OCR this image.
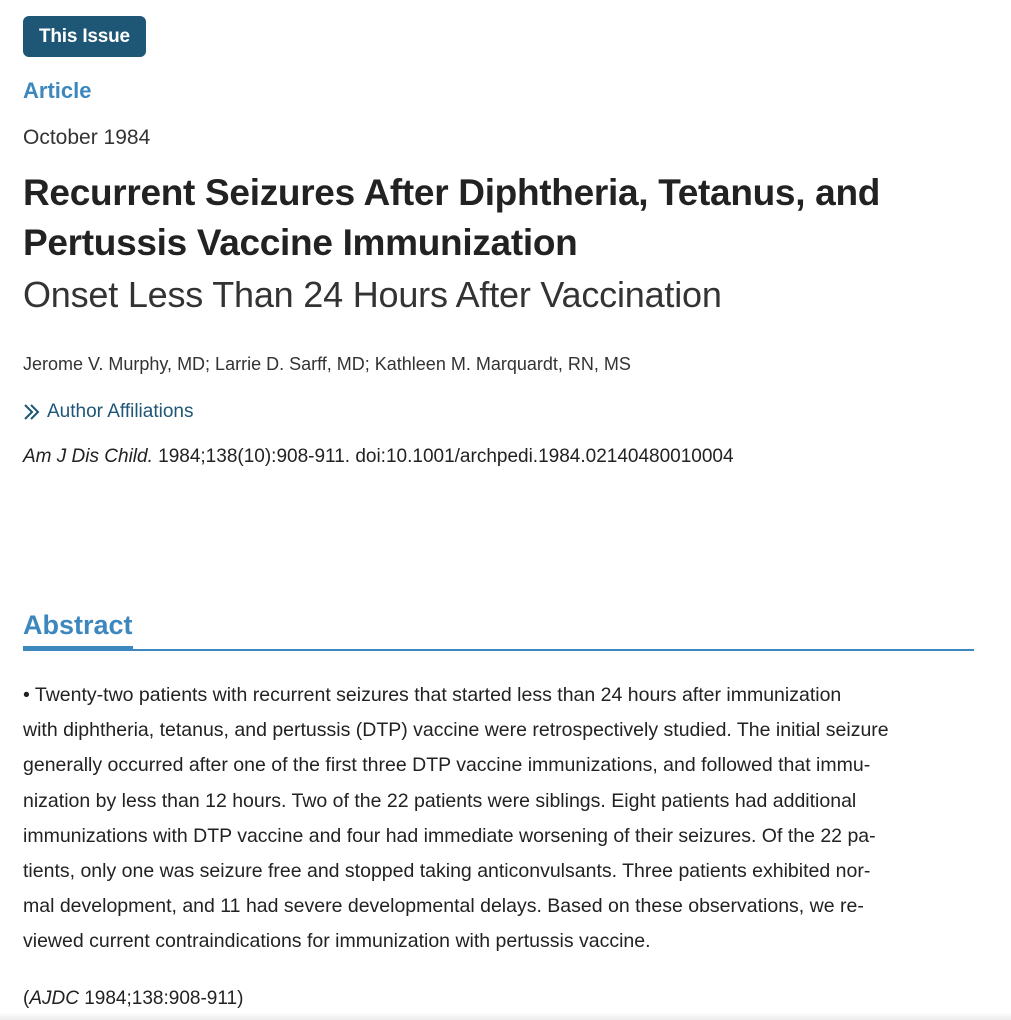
This Issue
Article
October 1984
Recurrent Seizures After Diphtheria, Tetanus, and Pertussis Vaccine Immunization
Onset Less Than 24 Hours After Vaccination
Jerome V. Murphy, MD; Larrie D. Sarff, MD; Kathleen M. Marquardt, RN, MS
Author Affiliations
Am J Dis Child. 1984;138(10):908-911. doi:10.1001/archpedi.1984.02140480010004
Abstract

• Twenty-two patients with recurrent seizures that started less than 24 hours after immunization
with diphtheria, tetanus, and pertussis (DTP) vaccine were retrospectively studied. The initial seizure
generally occurred after one of the first three DTP vaccine immunizations, and followed that immu-
nization by less than 12 hours. Two of the 22 patients were siblings. Eight patients had additional
immunizations with DTP vaccine and four had immediate worsening of their seizures. Of the 22 pa-
tients, only one was seizure free and stopped taking anticonvulsants. Three patients exhibited nor-
mal development, and 11 had severe developmental delays. Based on these observations, we re-
viewed current contraindications for immunization with pertussis vaccine.

(AJDC 1984;138:908-911)
